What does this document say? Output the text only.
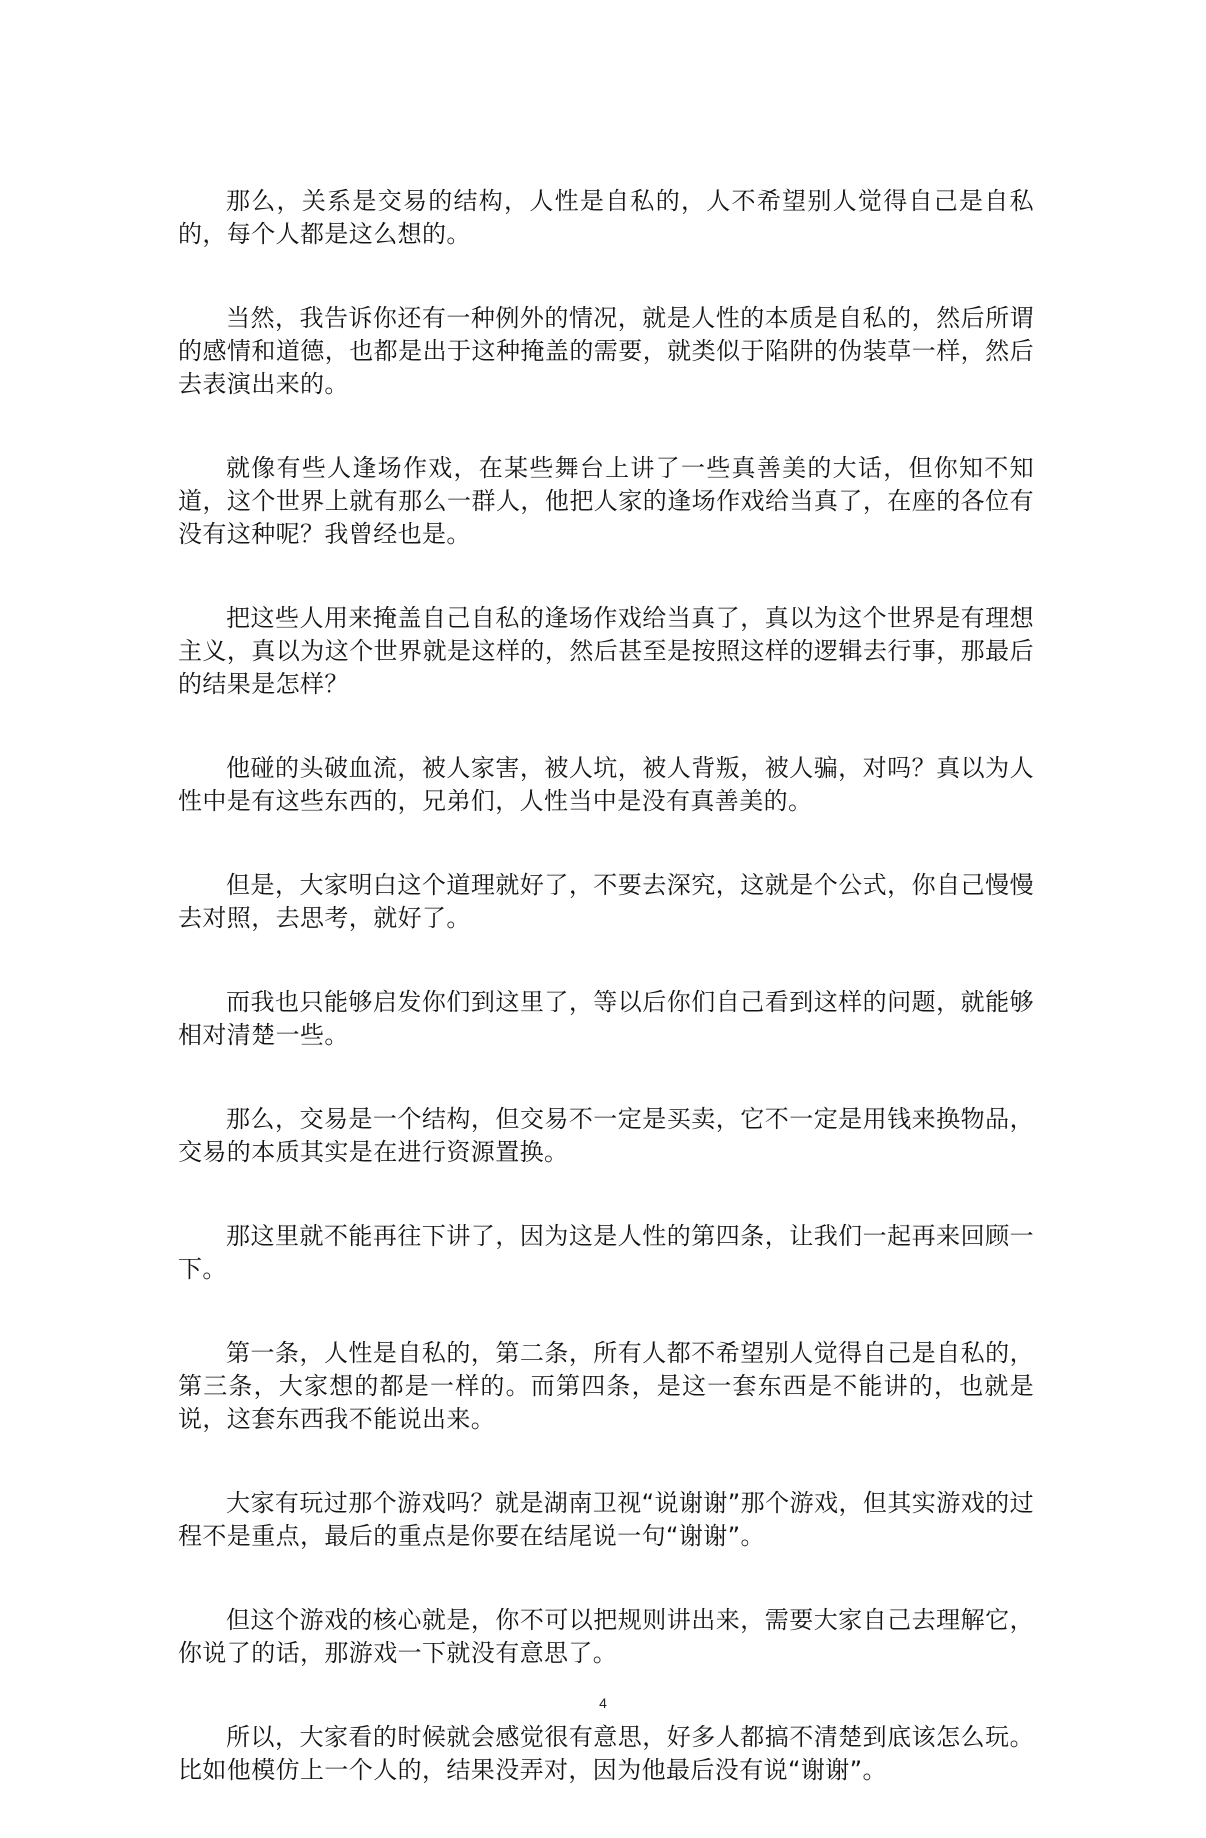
那么，关系是交易的结构，人性是自私的，人不希望别人觉得自己是自私的，每个人都是这么想的。

当然，我告诉你还有一种例外的情况，就是人性的本质是自私的，然后所谓的感情和道德，也都是出于这种掩盖的需要，就类似于陷阱的伪装草一样，然后去表演出来的。

就像有些人逢场作戏，在某些舞台上讲了一些真善美的大话，但你知不知道，这个世界上就有那么一群人，他把人家的逢场作戏给当真了，在座的各位有没有这种呢？我曾经也是。

把这些人用来掩盖自己自私的逢场作戏给当真了，真以为这个世界是有理想主义，真以为这个世界就是这样的，然后甚至是按照这样的逻辑去行事，那最后的结果是怎样？

他碰的头破血流，被人家害，被人坑，被人背叛，被人骗，对吗？真以为人性中是有这些东西的，兄弟们，人性当中是没有真善美的。

但是，大家明白这个道理就好了，不要去深究，这就是个公式，你自己慢慢去对照，去思考，就好了。

而我也只能够启发你们到这里了，等以后你们自己看到这样的问题，就能够相对清楚一些。

那么，交易是一个结构，但交易不一定是买卖，它不一定是用钱来换物品，交易的本质其实是在进行资源置换。

那这里就不能再往下讲了，因为这是人性的第四条，让我们一起再来回顾一下。

第一条，人性是自私的，第二条，所有人都不希望别人觉得自己是自私的，第三条，大家想的都是一样的。而第四条，是这一套东西是不能讲的，也就是说，这套东西我不能说出来。

大家有玩过那个游戏吗？就是湖南卫视“说谢谢”那个游戏，但其实游戏的过程不是重点，最后的重点是你要在结尾说一句“谢谢”。

但这个游戏的核心就是，你不可以把规则讲出来，需要大家自己去理解它，你说了的话，那游戏一下就没有意思了。

所以，大家看的时候就会感觉很有意思，好多人都搞不清楚到底该怎么玩。比如他模仿上一个人的，结果没弄对，因为他最后没有说“谢谢”。

4
